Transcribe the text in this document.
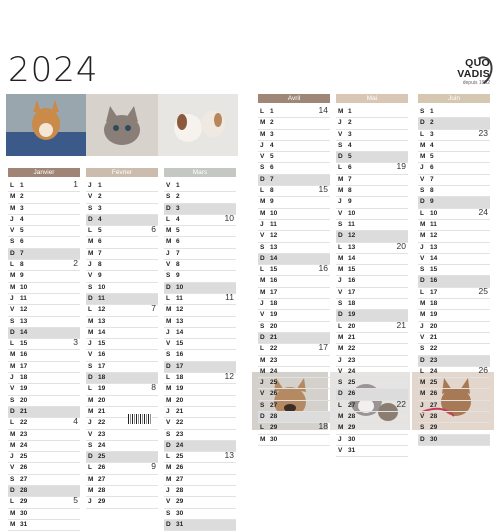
2024	QUO
VADIS
depuis 1952
Janvier
L 1	1
M 2
M 3
J 4
V 5
S 6
D 7
L 8	2
M 9
M 10
J 11
V 12
S 13
D 14
L 15	3
M 16
M 17
J 18
V 19
S 20
D 21
L 22	4
M 23
M 24
J 25
V 26
S 27
D 28
L 29	5
M 30
M 31
Février
J 1
V 2
S 3
D 4
L 5	6
M 6
M 7
J 8
V 9
S 10
D 11
L 12	7
M 13
M 14
J 15
V 16
S 17
D 18
L 19	8
M 20
M 21
J 22
V 23
S 24
D 25
L 26	9
M 27
M 28
J 29
Mars
V 1
S 2
D 3
L 4	10
M 5
M 6
J 7
V 8
S 9
D 10
L 11	11
M 12
M 13
J 14
V 15
S 16
D 17
L 18	12
M 19
M 20
J 21
V 22
S 23
D 24
L 25	13
M 26
M 27
J 28
V 29
S 30
D 31
Avril
L 1	14
M 2
M 3
J 4
V 5
S 6
D 7
L 8	15
M 9
M 10
J 11
V 12
S 13
D 14
L 15	16
M 16
M 17
J 18
V 19
S 20
D 21
L 22	17
M 23
M 24
J 25
V 26
S 27
D 28
L 29	18
M 30
Mai
M 1
J 2
V 3
S 4
D 5
L 6	19
M 7
M 8
J 9
V 10
S 11
D 12
L 13	20
M 14
M 15
J 16
V 17
S 18
D 19
L 20	21
M 21
M 22
J 23
V 24
S 25
D 26
L 27	22
M 28
M 29
J 30
V 31
Juin
S 1
D 2
L 3	23
M 4
M 5
J 6
V 7
S 8
D 9
L 10	24
M 11
M 12
J 13
V 14
S 15
D 16
L 17	25
M 18
M 19
J 20
V 21
S 22
D 23
L 24	26
M 25
M 26
J 27
V 28
S 29
D 30
